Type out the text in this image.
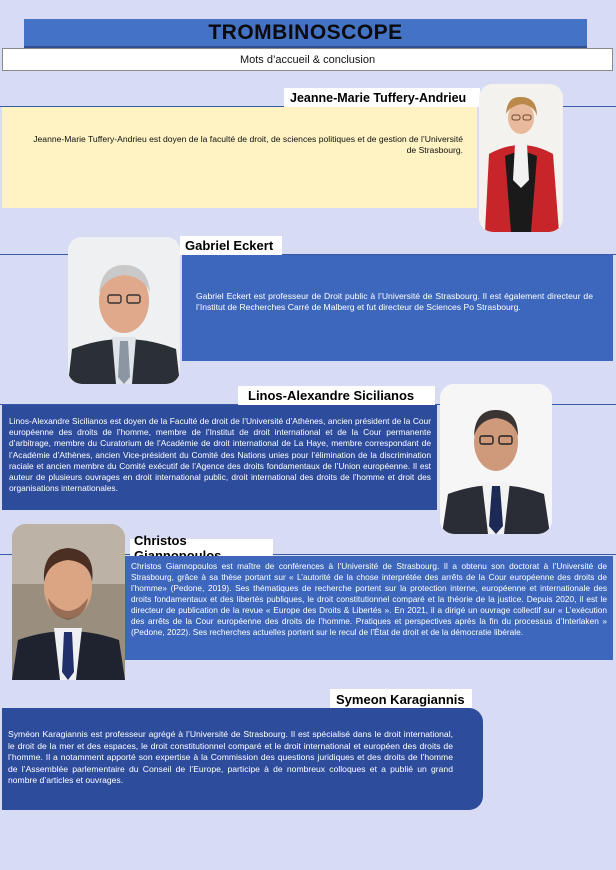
TROMBINOSCOPE
Mots d’accueil & conclusion
Jeanne-Marie Tuffery-Andrieu
Jeanne-Marie Tuffery-Andrieu est doyen de la faculté de droit, de sciences politiques et de gestion de l’Université de Strasbourg.
Gabriel Eckert
Gabriel Eckert est professeur de Droit public à l’Université de Strasbourg. Il est également directeur de l’Institut de Recherches Carré de Malberg et fut directeur de Sciences Po Strasbourg.
Linos-Alexandre Sicilianos
Linos-Alexandre Sicilianos est doyen de la Faculté de droit de l’Université d’Athènes, ancien président de la Cour européenne des droits de l’homme, membre de l’Institut de droit international et de la Cour permanente d’arbitrage, membre du Curatorium de l’Académie de droit international de La Haye, membre correspondant de l’Académie d’Athènes, ancien Vice-président du Comité des Nations unies pour l’élimination de la discrimination raciale et ancien membre du Comité exécutif de l’Agence des droits fondamentaux de l’Union européenne. Il est auteur de plusieurs ouvrages en droit international public, droit international des droits de l’homme et droit des organisations internationales.
Christos
Christos Giannopoulos est maître de conférences à l’Université de Strasbourg. Il a obtenu son doctorat à l’Université de Strasbourg, grâce à sa thèse portant sur « L’autorité de la chose interprétée des arrêts de la Cour européenne des droits de l’homme» (Pedone, 2019). Ses thématiques de recherche portent sur la protection interne, européenne et internationale des droits fondamentaux et des libertés publiques, le droit constitutionnel comparé et la théorie de la justice. Depuis 2020, il est le directeur de publication de la revue « Europe des Droits & Libertés ». En 2021, il a dirigé un ouvrage collectif sur « L’exécution des arrêts de la Cour européenne des droits de l’homme. Pratiques et perspectives après la fin du processus d’Interlaken » (Pedone, 2022). Ses recherches actuelles portent sur le recul de l’État de droit et de la démocratie libérale.
Symeon Karagiannis
Syméon Karagiannis est professeur agrégé à l’Université de Strasbourg. Il est spécialisé dans le droit international, le droit de la mer et des espaces, le droit constitutionnel comparé et le droit international et européen des droits de l’homme. Il a notamment apporté son expertise à la Commission des questions juridiques et des droits de l’homme de l’Assemblée parlementaire du Conseil de l’Europe, participe à de nombreux colloques et a publié un grand nombre d’articles et ouvrages.
